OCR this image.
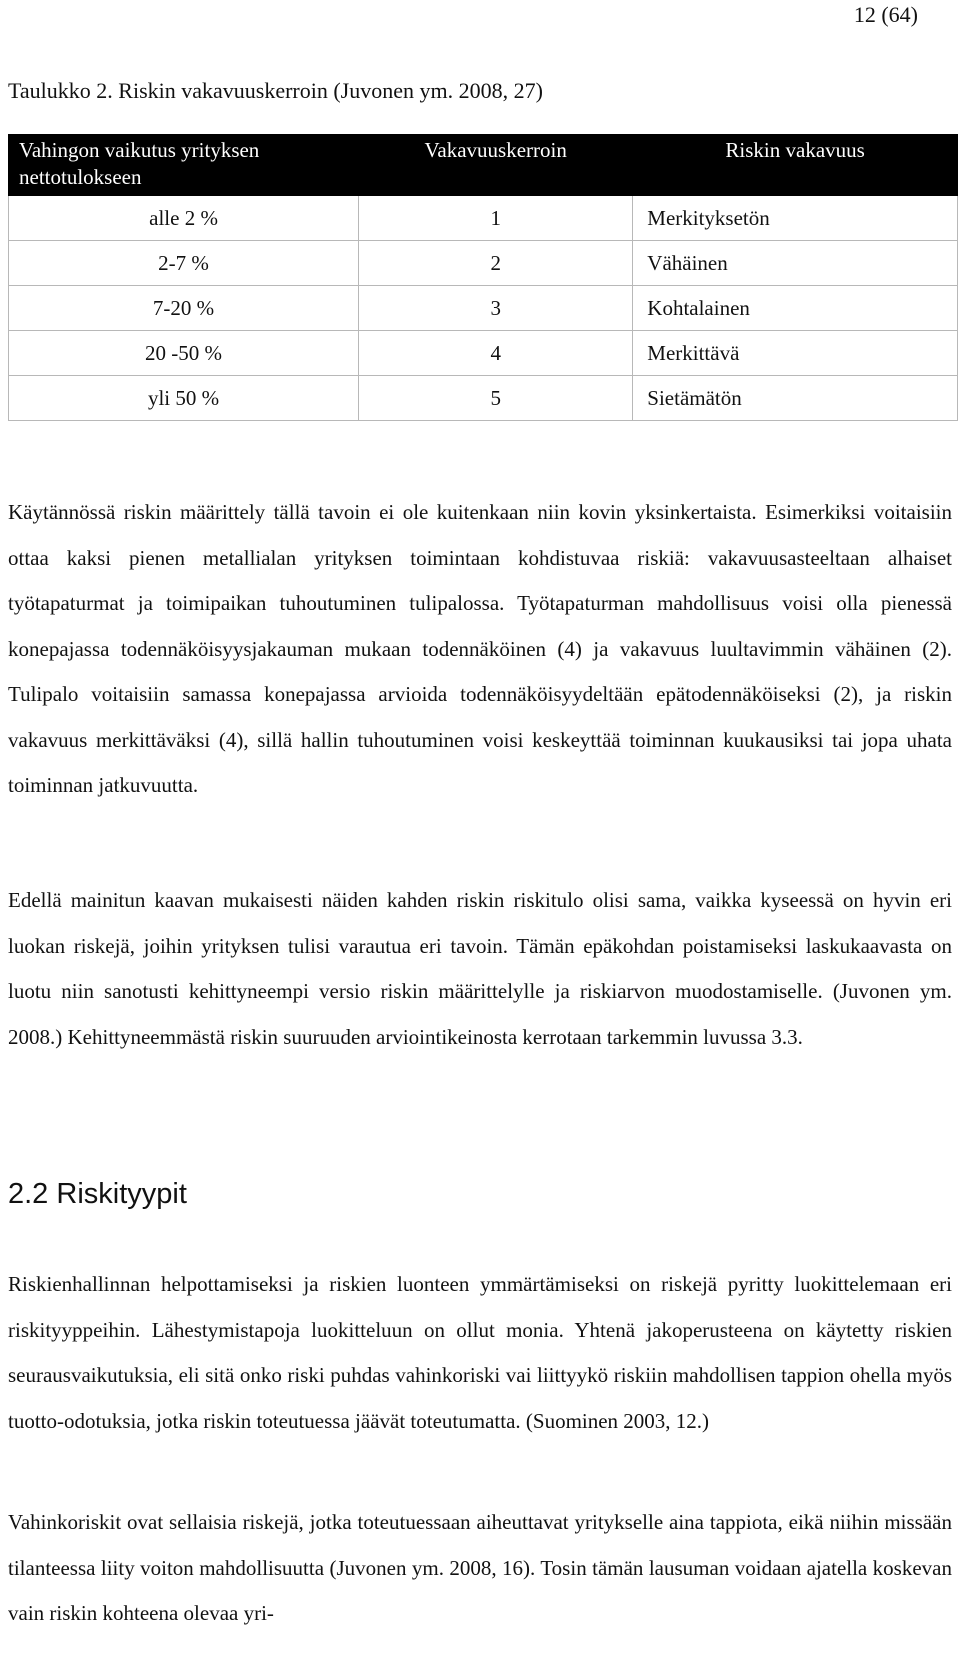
12 (64)
Taulukko 2. Riskin vakavuuskerroin (Juvonen ym. 2008, 27)
Vahingon vaikutus yrityksen nettotulokseen	Vakavuuskerroin	Riskin vakavuus
alle 2 %	1	Merkityksetön
2-7 %	2	Vähäinen
7-20 %	3	Kohtalainen
20 -50 %	4	Merkittävä
yli 50 %	5	Sietämätön

Käytännössä riskin määrittely tällä tavoin ei ole kuitenkaan niin kovin yksinkertaista. Esimerkiksi voitaisiin ottaa kaksi pienen metallialan yrityksen toimintaan kohdistuvaa riskiä: vakavuusasteeltaan alhaiset työtapaturmat ja toimipaikan tuhoutuminen tulipalossa. Työtapaturman mahdollisuus voisi olla pienessä konepajassa todennäköisyysjakauman mukaan todennäköinen (4) ja vakavuus luultavimmin vähäinen (2). Tulipalo voitaisiin samassa konepajassa arvioida todennäköisyydeltään epätodennäköiseksi (2), ja riskin vakavuus merkittäväksi (4), sillä hallin tuhoutuminen voisi keskeyttää toiminnan kuukausiksi tai jopa uhata toiminnan jatkuvuutta.

Edellä mainitun kaavan mukaisesti näiden kahden riskin riskitulo olisi sama, vaikka kyseessä on hyvin eri luokan riskejä, joihin yrityksen tulisi varautua eri tavoin. Tämän epäkohdan poistamiseksi laskukaavasta on luotu niin sanotusti kehittyneempi versio riskin määrittelylle ja riskiarvon muodostamiselle. (Juvonen ym. 2008.) Kehittyneemmästä riskin suuruuden arviointikeinosta kerrotaan tarkemmin luvussa 3.3.

2.2 Riskityypit

Riskienhallinnan helpottamiseksi ja riskien luonteen ymmärtämiseksi on riskejä pyritty luokittelemaan eri riskityyppeihin. Lähestymistapoja luokitteluun on ollut monia. Yhtenä jakoperusteena on käytetty riskien seurausvaikutuksia, eli sitä onko riski puhdas vahinkoriski vai liittyykö riskiin mahdollisen tappion ohella myös tuotto-odotuksia, jotka riskin toteutuessa jäävät toteutumatta. (Suominen 2003, 12.)

Vahinkoriskit ovat sellaisia riskejä, jotka toteutuessaan aiheuttavat yritykselle aina tappiota, eikä niihin missään tilanteessa liity voiton mahdollisuutta (Juvonen ym. 2008, 16). Tosin tämän lausuman voidaan ajatella koskevan vain riskin kohteena olevaa yri-
